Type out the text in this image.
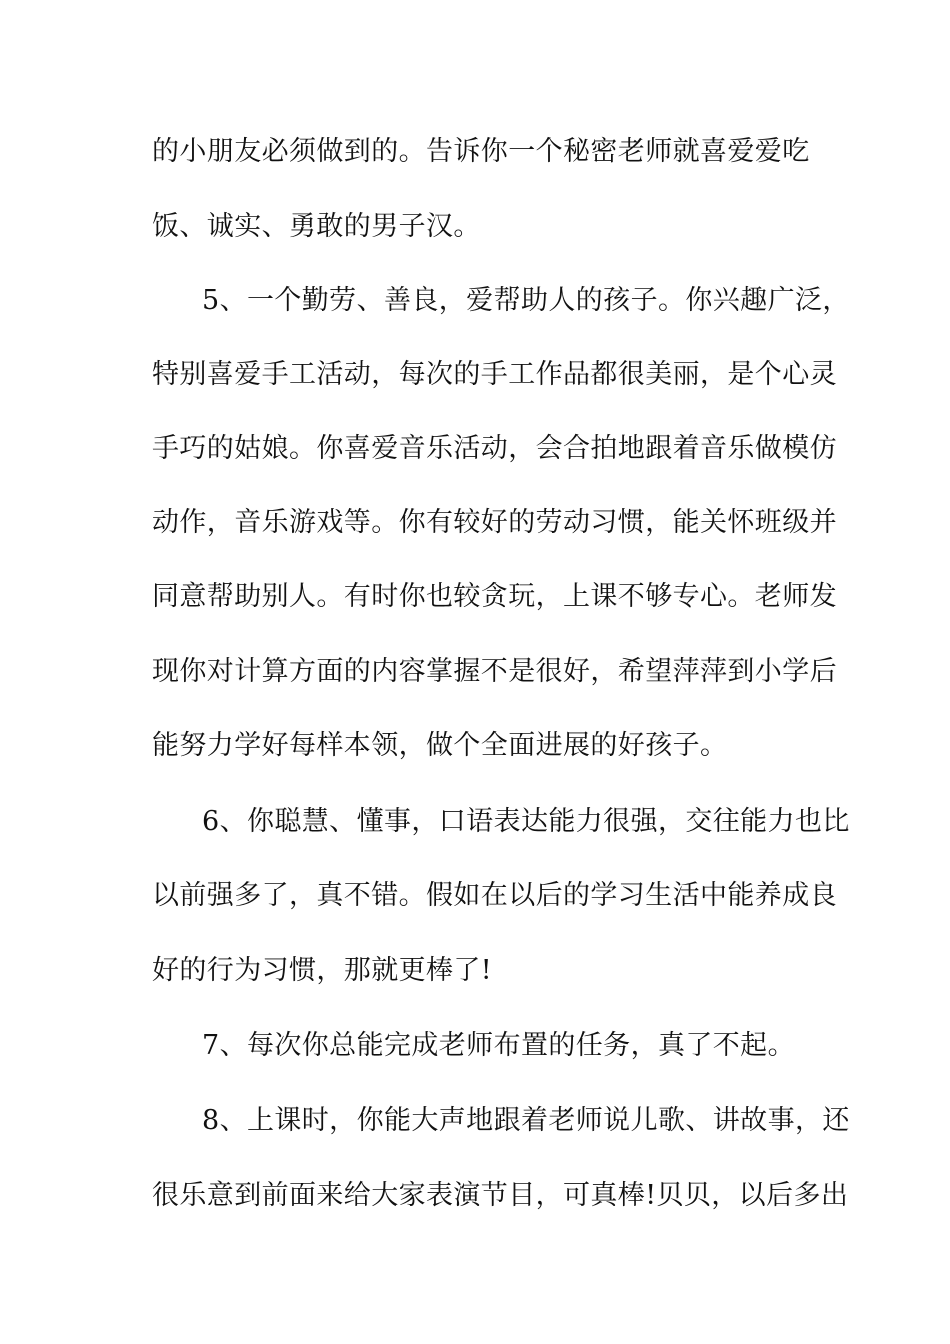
的小朋友必须做到的。告诉你一个秘密老师就喜爱爱吃
饭、诚实、勇敢的男子汉。
5、一个勤劳、善良，爱帮助人的孩子。你兴趣广泛，
特别喜爱手工活动，每次的手工作品都很美丽，是个心灵
手巧的姑娘。你喜爱音乐活动，会合拍地跟着音乐做模仿
动作，音乐游戏等。你有较好的劳动习惯，能关怀班级并
同意帮助别人。有时你也较贪玩，上课不够专心。老师发
现你对计算方面的内容掌握不是很好，希望萍萍到小学后
能努力学好每样本领，做个全面进展的好孩子。
6、你聪慧、懂事，口语表达能力很强，交往能力也比
以前强多了，真不错。假如在以后的学习生活中能养成良
好的行为习惯，那就更棒了!
7、每次你总能完成老师布置的任务，真了不起。
8、上课时，你能大声地跟着老师说儿歌、讲故事，还
很乐意到前面来给大家表演节目，可真棒!贝贝，以后多出
